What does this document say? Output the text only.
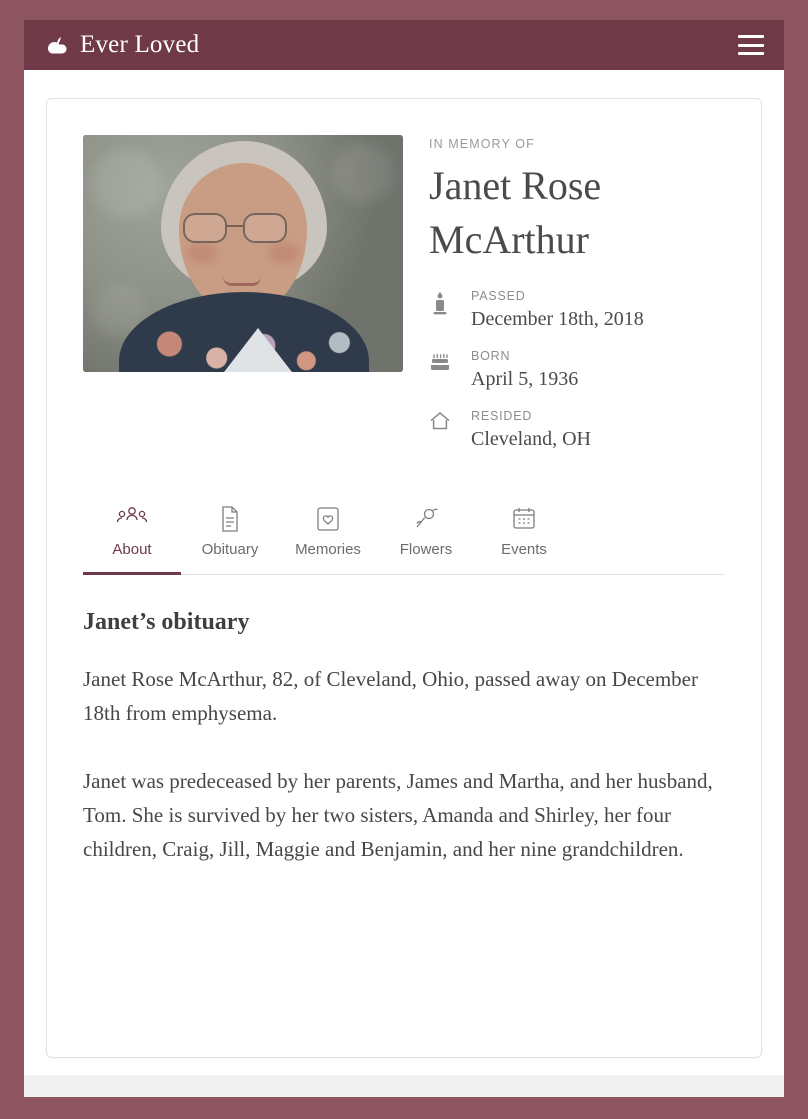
Ever Loved
IN MEMORY OF
Janet Rose McArthur
PASSED
December 18th, 2018
BORN
April 5, 1936
RESIDED
Cleveland, OH
About	Obituary	Memories	Flowers	Events
Janet’s obituary

Janet Rose McArthur, 82, of Cleveland, Ohio, passed away on December 18th from emphysema.

Janet was predeceased by her parents, James and Martha, and her husband, Tom. She is survived by her two sisters, Amanda and Shirley, her four children, Craig, Jill, Maggie and Benjamin, and her nine grandchildren.
